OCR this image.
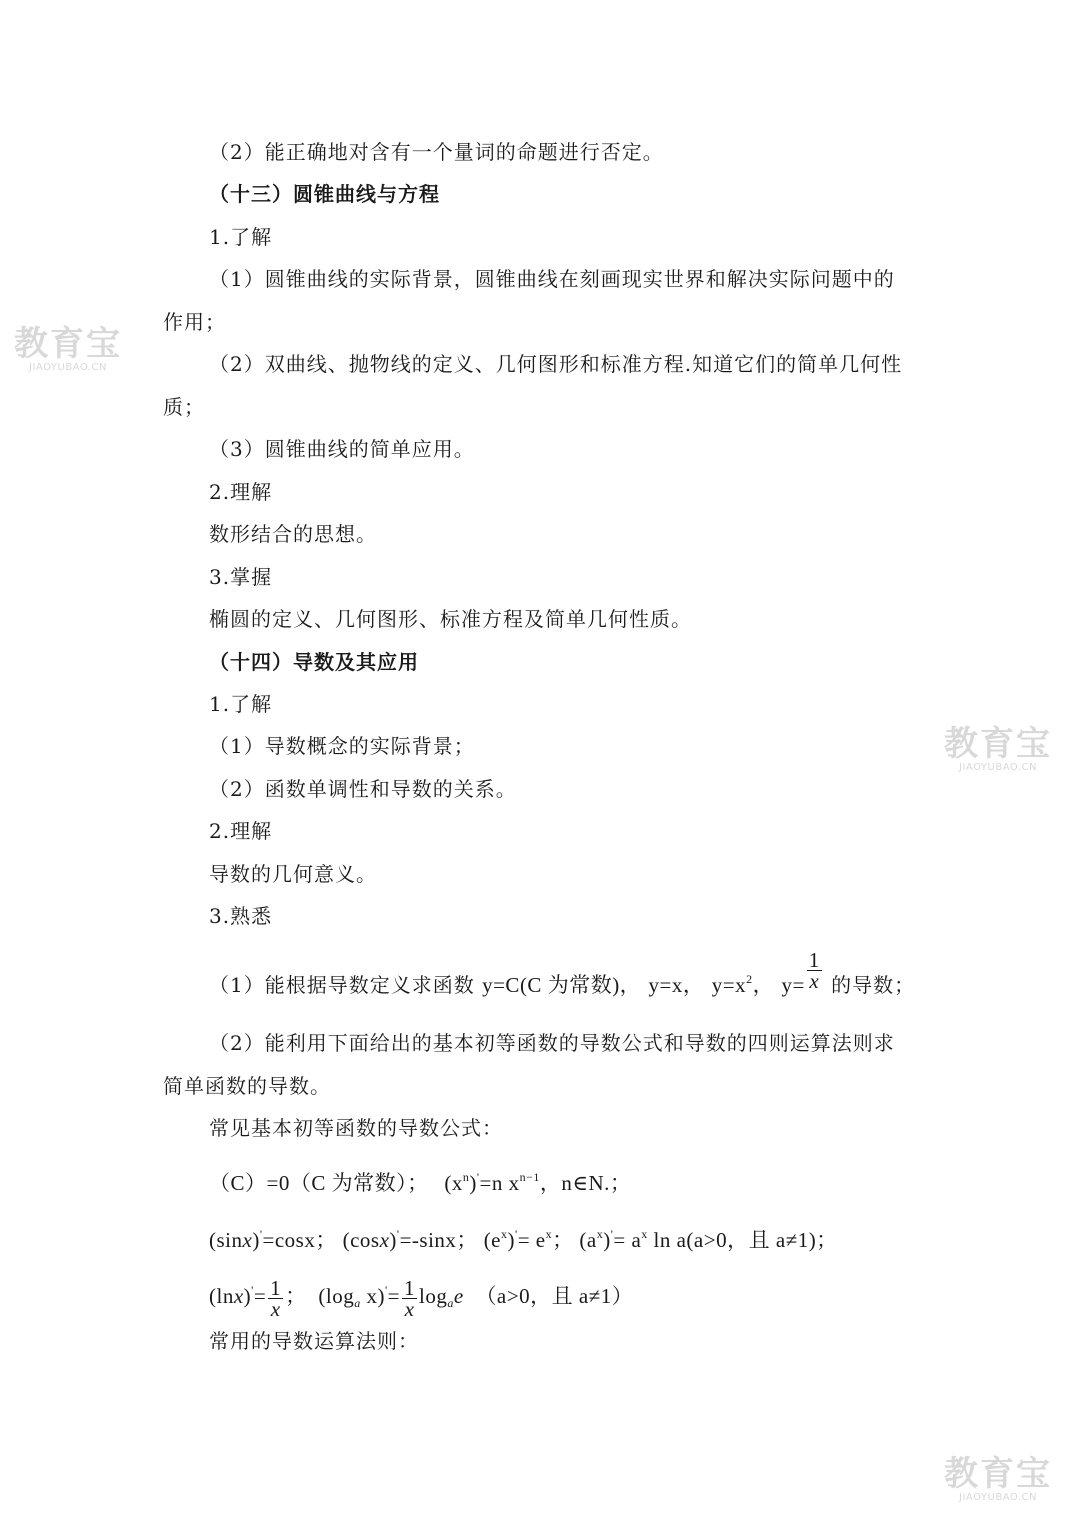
教育宝
JIAOYUBAO.CN
教育宝
JIAOYUBAO.CN
教育宝
JIAOYUBAO.CN
（2）能正确地对含有一个量词的命题进行否定。
（十三）圆锥曲线与方程
1.了解
（1）圆锥曲线的实际背景，圆锥曲线在刻画现实世界和解决实际问题中的
作用；
（2）双曲线、抛物线的定义、几何图形和标准方程.知道它们的简单几何性
质；
（3）圆锥曲线的简单应用。
2.理解
数形结合的思想。
3.掌握
椭圆的定义、几何图形、标准方程及简单几何性质。
（十四）导数及其应用
1.了解
（1）导数概念的实际背景；
（2）函数单调性和导数的关系。
2.理解
导数的几何意义。
3.熟悉
（1）能根据导数定义求函数 y=C(C 为常数)， y=x， $y=x^2$， $y= \frac{1}{x}$ 的导数；
（2）能利用下面给出的基本初等函数的导数公式和导数的四则运算法则求
简单函数的导数。
常见基本初等函数的导数公式：
（C）=0（C 为常数）； $(x^n)'=n$ $x^{n-1}$，n∈N.；
(sinx)'=cosx； (cosx)'=-sinx； $(e^x)'= e^x$； $(a^x)'= a^x$ ln a(a>0，且 a≠1)；
$(\ln x)'= \frac{1}{x}$ ； ($\log_a$ $x)'= \frac{1}{x} \log_ae$ （a>0，且 a≠1）
常用的导数运算法则：
